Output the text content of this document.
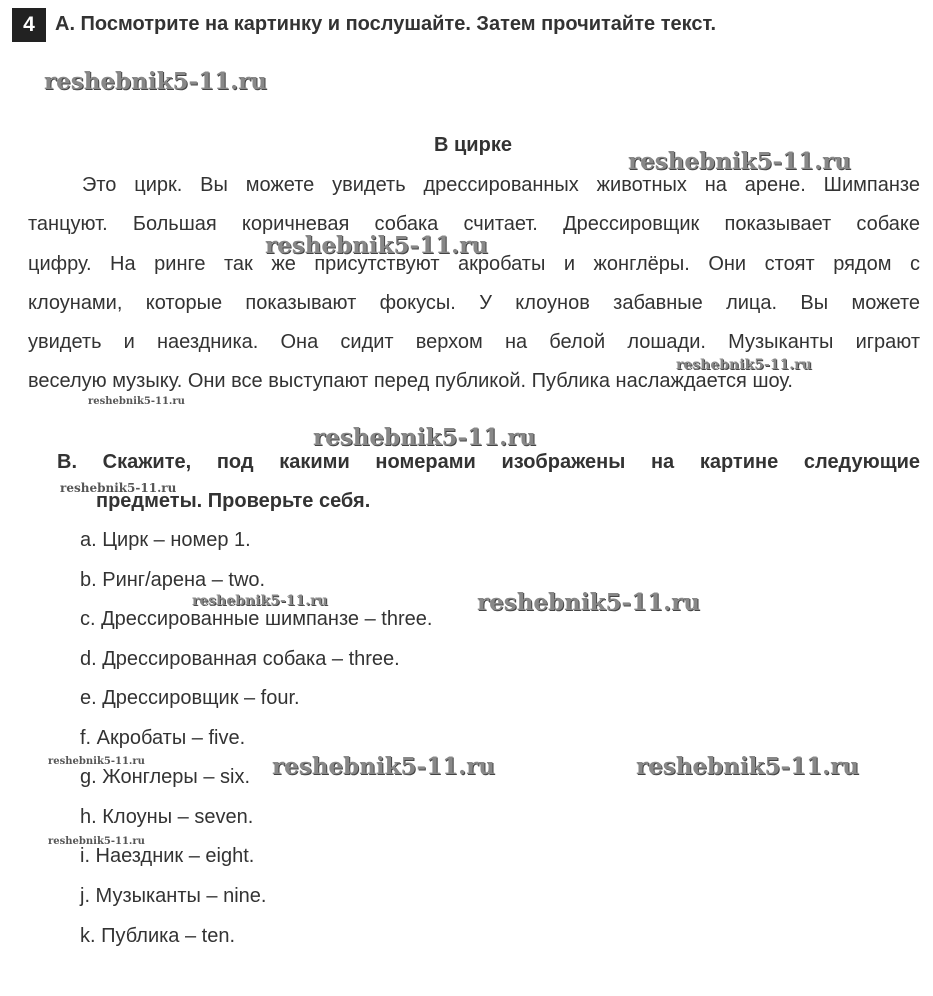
4	A. Посмотрите на картинку и послушайте. Затем прочитайте текст.
В цирке
Это цирк. Вы можете увидеть дрессированных животных на арене. Шимпанзе
танцуют. Большая коричневая собака считает. Дрессировщик показывает собаке
цифру. На ринге так же присутствуют акробаты и жонглёры. Они стоят рядом с
клоунами, которые показывают фокусы. У клоунов забавные лица. Вы можете
увидеть и наездника. Она сидит верхом на белой лошади. Музыканты играют
веселую музыку. Они все выступают перед публикой. Публика наслаждается шоу.
B. Скажите, под какими номерами изображены на картине следующие
предметы. Проверьте себя.
a. Цирк – номер 1.
b. Ринг/арена – two.
c. Дрессированные шимпанзе – three.
d. Дрессированная собака – three.
e. Дрессировщик – four.
f. Акробаты – five.
g. Жонглеры – six.
h. Клоуны – seven.
i. Наездник – eight.
j. Музыканты – nine.
k. Публика – ten.
reshebnik5-11.ru
reshebnik5-11.ru
reshebnik5-11.ru
reshebnik5-11.ru
reshebnik5-11.ru
reshebnik5-11.ru
reshebnik5-11.ru
reshebnik5-11.ru	reshebnik5-11.ru
reshebnik5-11.ru	reshebnik5-11.ru	reshebnik5-11.ru
reshebnik5-11.ru
